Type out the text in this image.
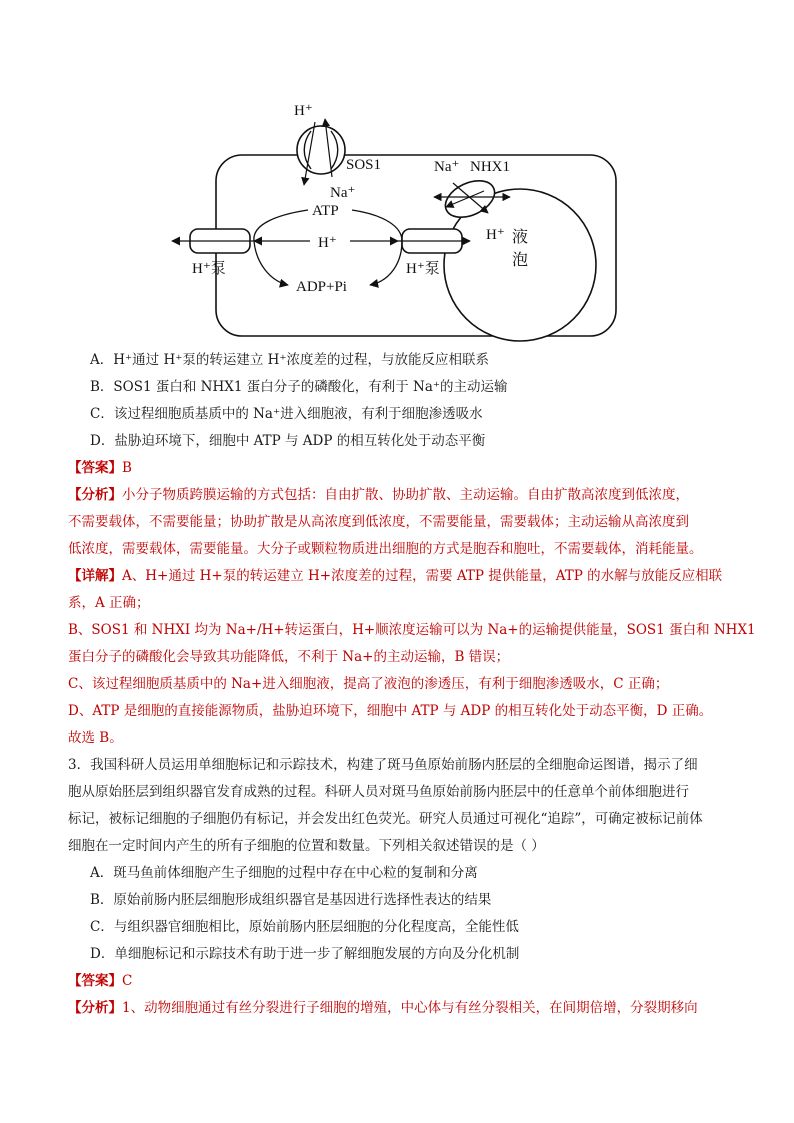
H⁺
SOS1
Na⁺
ATP
H⁺
H⁺泵	H⁺泵
ADP+Pi
Na⁺ NHX1
H⁺ 液
泡
A．H⁺通过 H⁺泵的转运建立 H⁺浓度差的过程，与放能反应相联系
B．SOS1 蛋白和 NHX1 蛋白分子的磷酸化，有利于 Na⁺的主动运输
C．该过程细胞质基质中的 Na⁺进入细胞液，有利于细胞渗透吸水
D．盐胁迫环境下，细胞中 ATP 与 ADP 的相互转化处于动态平衡
【答案】B
【分析】小分子物质跨膜运输的方式包括：自由扩散、协助扩散、主动运输。自由扩散高浓度到低浓度，
不需要载体，不需要能量；协助扩散是从高浓度到低浓度，不需要能量，需要载体；主动运输从高浓度到
低浓度，需要载体，需要能量。大分子或颗粒物质进出细胞的方式是胞吞和胞吐，不需要载体，消耗能量。
【详解】A、H+通过 H+泵的转运建立 H+浓度差的过程，需要 ATP 提供能量，ATP 的水解与放能反应相联
系，A 正确；
B、SOS1 和 NHXI 均为 Na+/H+转运蛋白，H+顺浓度运输可以为 Na+的运输提供能量，SOS1 蛋白和 NHX1
蛋白分子的磷酸化会导致其功能降低，不利于 Na+的主动运输，B 错误；
C、该过程细胞质基质中的 Na+进入细胞液，提高了液泡的渗透压，有利于细胞渗透吸水，C 正确；
D、ATP 是细胞的直接能源物质，盐胁迫环境下，细胞中 ATP 与 ADP 的相互转化处于动态平衡，D 正确。
故选 B。
3．我国科研人员运用单细胞标记和示踪技术，构建了斑马鱼原始前肠内胚层的全细胞命运图谱，揭示了细
胞从原始胚层到组织器官发育成熟的过程。科研人员对斑马鱼原始前肠内胚层中的任意单个前体细胞进行
标记，被标记细胞的子细胞仍有标记，并会发出红色荧光。研究人员通过可视化“追踪”，可确定被标记前体
细胞在一定时间内产生的所有子细胞的位置和数量。下列相关叙述错误的是（ ）
A．斑马鱼前体细胞产生子细胞的过程中存在中心粒的复制和分离
B．原始前肠内胚层细胞形成组织器官是基因进行选择性表达的结果
C．与组织器官细胞相比，原始前肠内胚层细胞的分化程度高，全能性低
D．单细胞标记和示踪技术有助于进一步了解细胞发展的方向及分化机制
【答案】C
【分析】1、动物细胞通过有丝分裂进行子细胞的增殖，中心体与有丝分裂相关，在间期倍增，分裂期移向
